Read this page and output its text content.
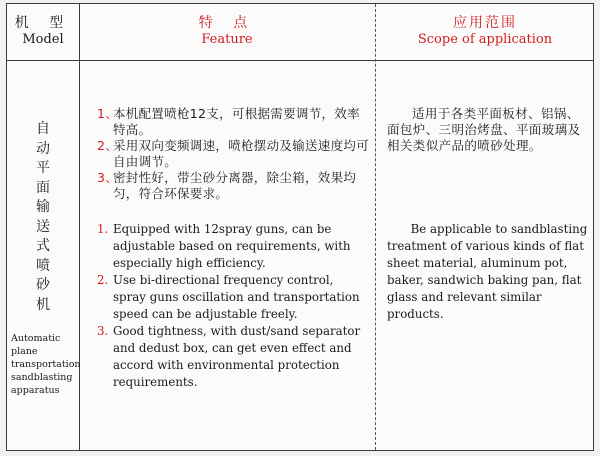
机 型
Model
特 点
Feature
应用范围
Scope of application
自动平面输送式喷砂机
Automatic plane transportation sandblasting apparatus
1、
本机配置喷枪12支，可根据需要调节，效率特高。
2、
采用双向变频调速，喷枪摆动及输送速度均可自由调节。
3、
密封性好，带尘砂分离器，除尘箱，效果均匀，符合环保要求。
1. Equipped with 12spray guns, can be adjustable based on requirements, with especially high efficiency.
2. Use bi-directional frequency control, spray guns oscillation and transportation speed can be adjustable freely.
3. Good tightness, with dust/sand separator and dedust box, can get even effect and accord with environmental protection requirements.
适用于各类平面板材、铝锅、面包炉、三明治烤盘、平面玻璃及相关类似产品的喷砂处理。
Be applicable to sandblasting treatment of various kinds of flat sheet material, aluminum pot, baker, sandwich baking pan, flat glass and relevant similar products.
